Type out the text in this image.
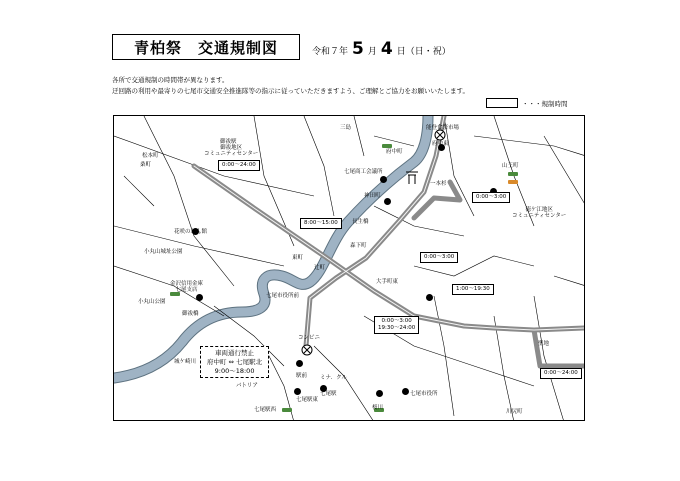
青柏祭　交通規制図	令和７年 5 月 4 日（日・祝）
各所で交通規制の時間帯が異なります。
迂回路の利用や最寄りの七尾市交通安全推進隊等の指示に従っていただきますよう、ご理解とご協力をお願いいたします。
・・・規制時間
松本町
桑町
御祓駅
御祓地区
コミュニティセンター
花咲のれん館
小丸山城址公園
金沢信用金庫
七尾支店
小丸山公園
御祓橋
城ケ崎川
三島
府中町
能登食祭市場
府中東
七尾商工会議所
神田町
長生橋
森下町
一本杉
山王町
徳ケ江地区
コミュニティセンター
辻町
東町
七尾市役所前
大手町東
コンビニ
パトリア
ミナ．クル
七尾駅
七尾駅西
七尾駅東
駅前
七尾市役所
川尻町
桜川
聖地
0:00～24:00
8:00～15:00
0:00～3:00
0:00～3:00
1:00～19:30
0:00～3:00
19:30～24:00
0:00～24:00
車両通行禁止
府中町 ⇔ 七尾駅北
9:00～18:00
